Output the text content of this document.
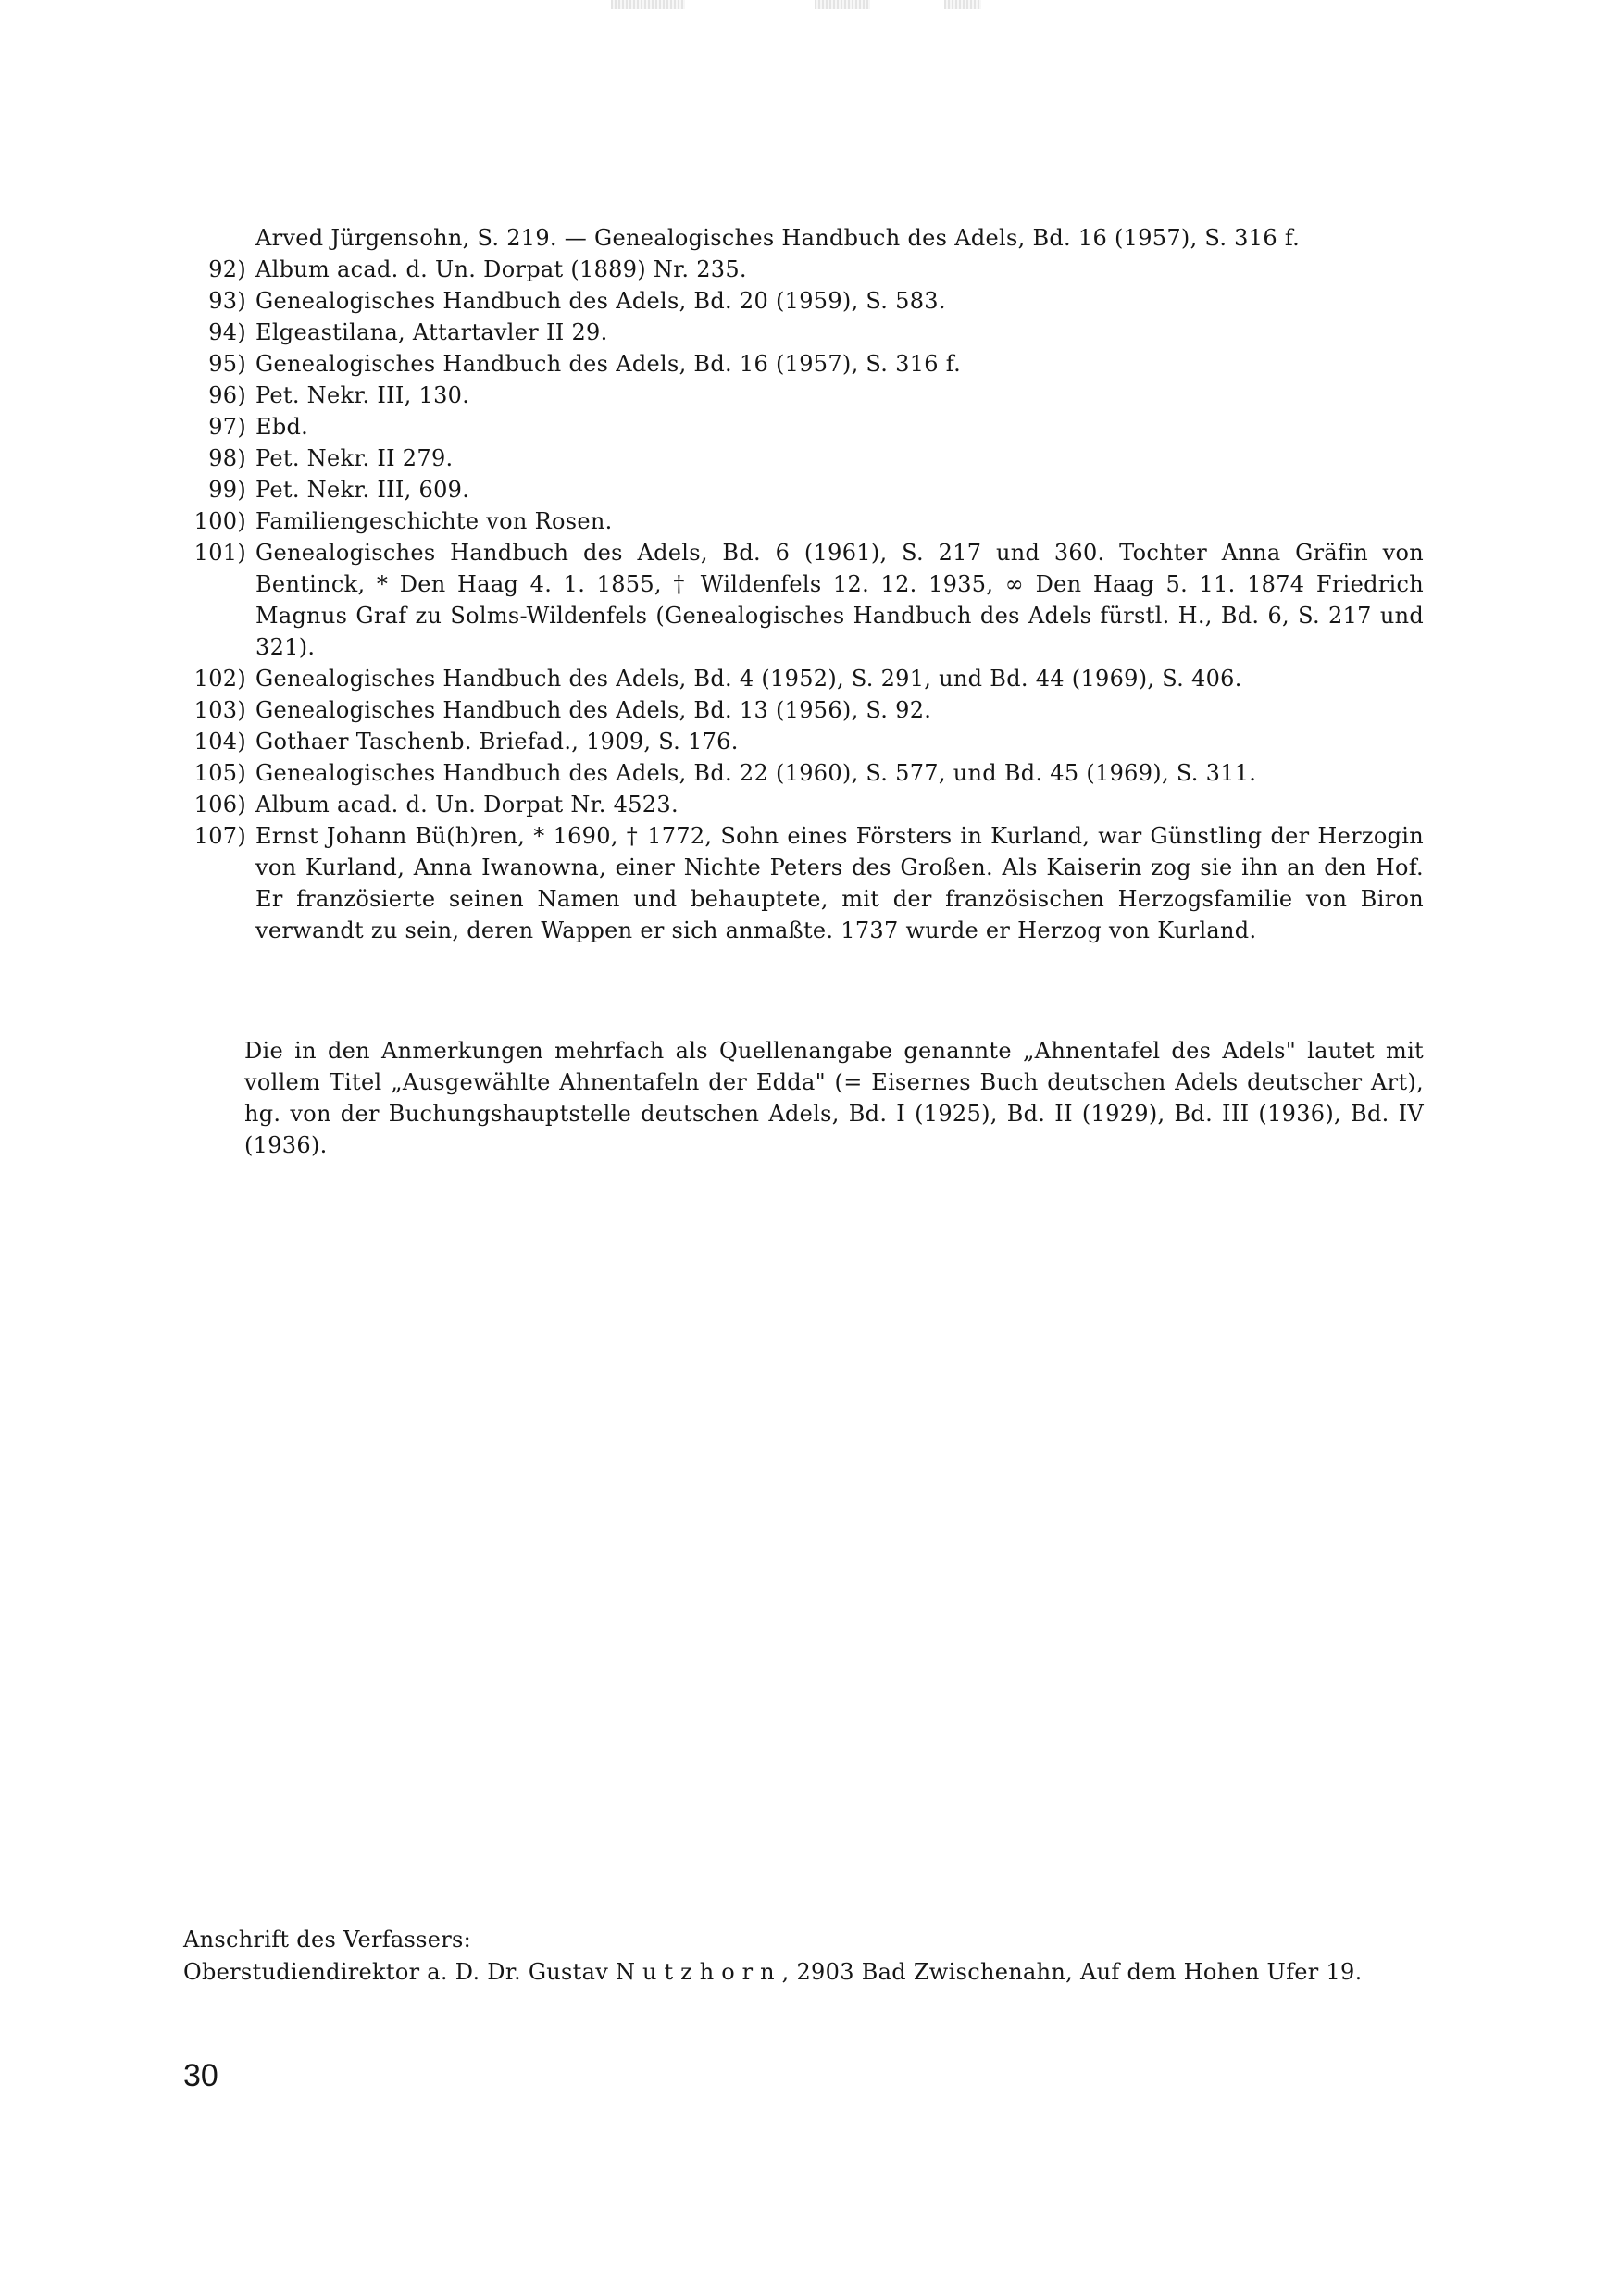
Arved Jürgensohn, S. 219. — Genealogisches Handbuch des Adels, Bd. 16 (1957), S. 316 f.
92) Album acad. d. Un. Dorpat (1889) Nr. 235.
93) Genealogisches Handbuch des Adels, Bd. 20 (1959), S. 583.
94) Elgeastilana, Attartavler II 29.
95) Genealogisches Handbuch des Adels, Bd. 16 (1957), S. 316 f.
96) Pet. Nekr. III, 130.
97) Ebd.
98) Pet. Nekr. II 279.
99) Pet. Nekr. III, 609.
100) Familiengeschichte von Rosen.
101) Genealogisches Handbuch des Adels, Bd. 6 (1961), S. 217 und 360. Tochter Anna Gräfin von Bentinck, * Den Haag 4. 1. 1855, † Wildenfels 12. 12. 1935, ∞ Den Haag 5. 11. 1874 Friedrich Magnus Graf zu Solms-Wildenfels (Genealogisches Handbuch des Adels fürstl. H., Bd. 6, S. 217 und 321).
102) Genealogisches Handbuch des Adels, Bd. 4 (1952), S. 291, und Bd. 44 (1969), S. 406.
103) Genealogisches Handbuch des Adels, Bd. 13 (1956), S. 92.
104) Gothaer Taschenb. Briefad., 1909, S. 176.
105) Genealogisches Handbuch des Adels, Bd. 22 (1960), S. 577, und Bd. 45 (1969), S. 311.
106) Album acad. d. Un. Dorpat Nr. 4523.
107) Ernst Johann Bü(h)ren, * 1690, † 1772, Sohn eines Försters in Kurland, war Günstling der Herzogin von Kurland, Anna Iwanowna, einer Nichte Peters des Großen. Als Kaiserin zog sie ihn an den Hof. Er französierte seinen Namen und behauptete, mit der französischen Herzogsfamilie von Biron verwandt zu sein, deren Wappen er sich anmaßte. 1737 wurde er Herzog von Kurland.
Die in den Anmerkungen mehrfach als Quellenangabe genannte „Ahnentafel des Adels" lautet mit vollem Titel „Ausgewählte Ahnentafeln der Edda" (= Eisernes Buch deutschen Adels deutscher Art), hg. von der Buchungshauptstelle deutschen Adels, Bd. I (1925), Bd. II (1929), Bd. III (1936), Bd. IV (1936).
Anschrift des Verfassers:
Oberstudiendirektor a. D. Dr. Gustav Nutzhorn, 2903 Bad Zwischenahn, Auf dem Hohen Ufer 19.
30
